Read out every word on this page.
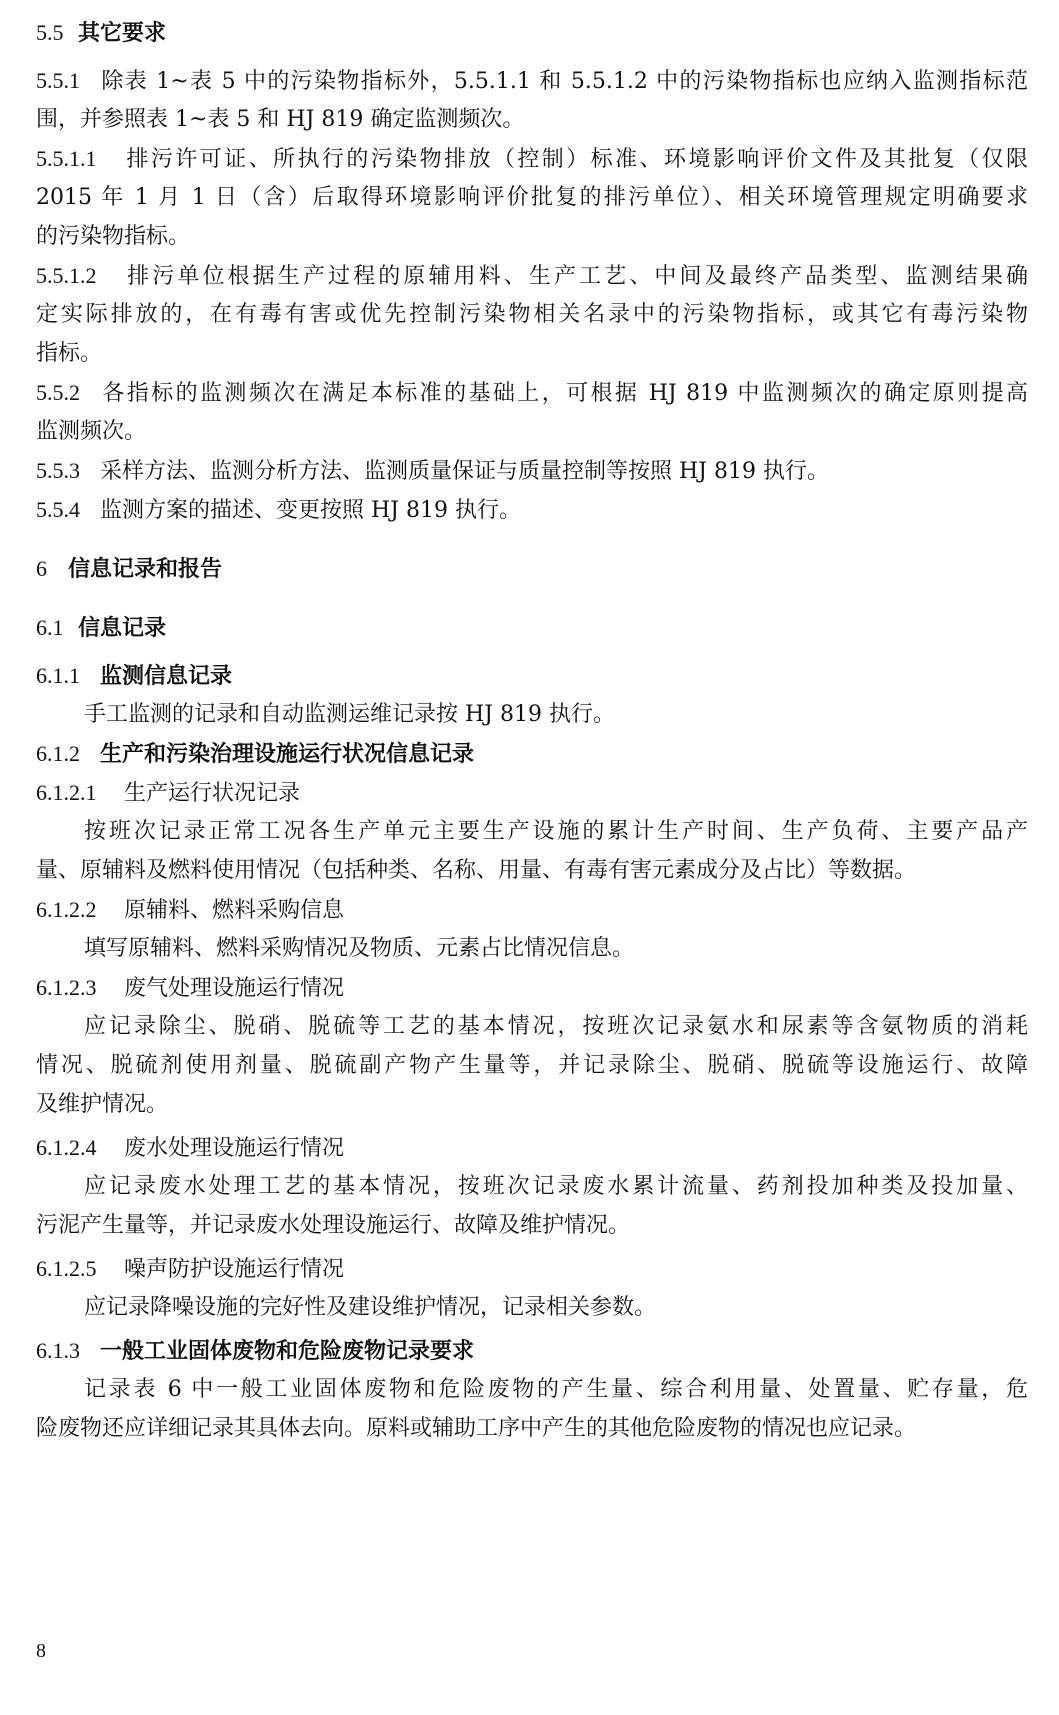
5.5 其它要求
5.5.1 除表 1~表 5 中的污染物指标外，5.5.1.1 和 5.5.1.2 中的污染物指标也应纳入监测指标范
围，并参照表 1~表 5 和 HJ 819 确定监测频次。
5.5.1.1 排污许可证、所执行的污染物排放（控制）标准、环境影响评价文件及其批复（仅限
2015 年 1 月 1 日（含）后取得环境影响评价批复的排污单位）、相关环境管理规定明确要求
的污染物指标。
5.5.1.2 排污单位根据生产过程的原辅用料、生产工艺、中间及最终产品类型、监测结果确
定实际排放的，在有毒有害或优先控制污染物相关名录中的污染物指标，或其它有毒污染物
指标。
5.5.2 各指标的监测频次在满足本标准的基础上，可根据 HJ 819 中监测频次的确定原则提高
监测频次。
5.5.3 采样方法、监测分析方法、监测质量保证与质量控制等按照 HJ 819 执行。
5.5.4 监测方案的描述、变更按照 HJ 819 执行。
6 信息记录和报告
6.1 信息记录
6.1.1 监测信息记录
手工监测的记录和自动监测运维记录按 HJ 819 执行。
6.1.2 生产和污染治理设施运行状况信息记录
6.1.2.1 生产运行状况记录
按班次记录正常工况各生产单元主要生产设施的累计生产时间、生产负荷、主要产品产
量、原辅料及燃料使用情况（包括种类、名称、用量、有毒有害元素成分及占比）等数据。
6.1.2.2 原辅料、燃料采购信息
填写原辅料、燃料采购情况及物质、元素占比情况信息。
6.1.2.3 废气处理设施运行情况
应记录除尘、脱硝、脱硫等工艺的基本情况，按班次记录氨水和尿素等含氨物质的消耗
情况、脱硫剂使用剂量、脱硫副产物产生量等，并记录除尘、脱硝、脱硫等设施运行、故障
及维护情况。
6.1.2.4 废水处理设施运行情况
应记录废水处理工艺的基本情况，按班次记录废水累计流量、药剂投加种类及投加量、
污泥产生量等，并记录废水处理设施运行、故障及维护情况。
6.1.2.5 噪声防护设施运行情况
应记录降噪设施的完好性及建设维护情况，记录相关参数。
6.1.3 一般工业固体废物和危险废物记录要求
记录表 6 中一般工业固体废物和危险废物的产生量、综合利用量、处置量、贮存量，危
险废物还应详细记录其具体去向。原料或辅助工序中产生的其他危险废物的情况也应记录。
8
